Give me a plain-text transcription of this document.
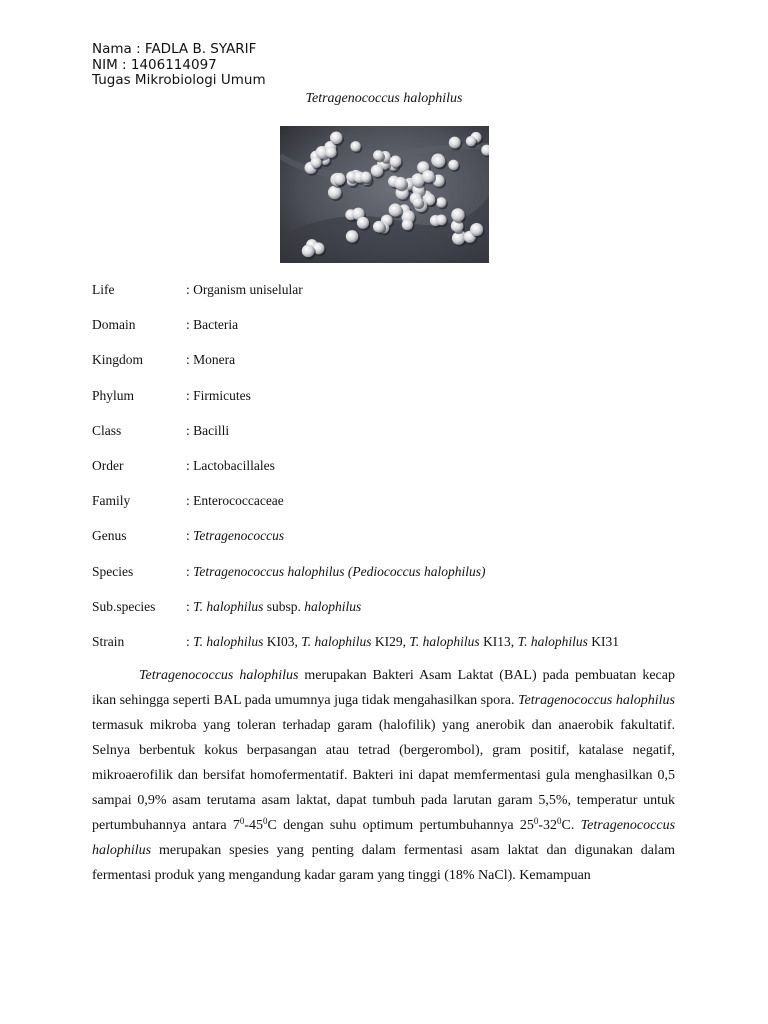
Nama : FADLA B. SYARIF
NIM : 1406114097
Tugas Mikrobiologi Umum
Tetragenococcus halophilus
Life	: Organism uniselular
Domain	: Bacteria
Kingdom	: Monera
Phylum	: Firmicutes
Class	: Bacilli
Order	: Lactobacillales
Family	: Enterococcaceae
Genus	: Tetragenococcus
Species	: Tetragenococcus halophilus (Pediococcus halophilus)
Sub.species : T. halophilus subsp. halophilus
Strain	: T. halophilus KI03, T. halophilus KI29, T. halophilus KI13, T. halophilus KI31
Tetragenococcus halophilus merupakan Bakteri Asam Laktat (BAL) pada pembuatan kecap ikan sehingga seperti BAL pada umumnya juga tidak mengahasilkan spora. Tetragenococcus halophilus termasuk mikroba yang toleran terhadap garam (halofilik) yang anerobik dan anaerobik fakultatif. Selnya berbentuk kokus berpasangan atau tetrad (bergerombol), gram positif, katalase negatif, mikroaerofilik dan bersifat homofermentatif. Bakteri ini dapat memfermentasi gula menghasilkan 0,5 sampai 0,9% asam terutama asam laktat, dapat tumbuh pada larutan garam 5,5%, temperatur untuk pertumbuhannya antara $7^0-45^0C$ dengan suhu optimum pertumbuhannya $25^0-32^0C$. Tetragenococcus halophilus merupakan spesies yang penting dalam fermentasi asam laktat dan digunakan dalam fermentasi produk yang mengandung kadar garam yang tinggi (18% NaCl). Kemampuan
